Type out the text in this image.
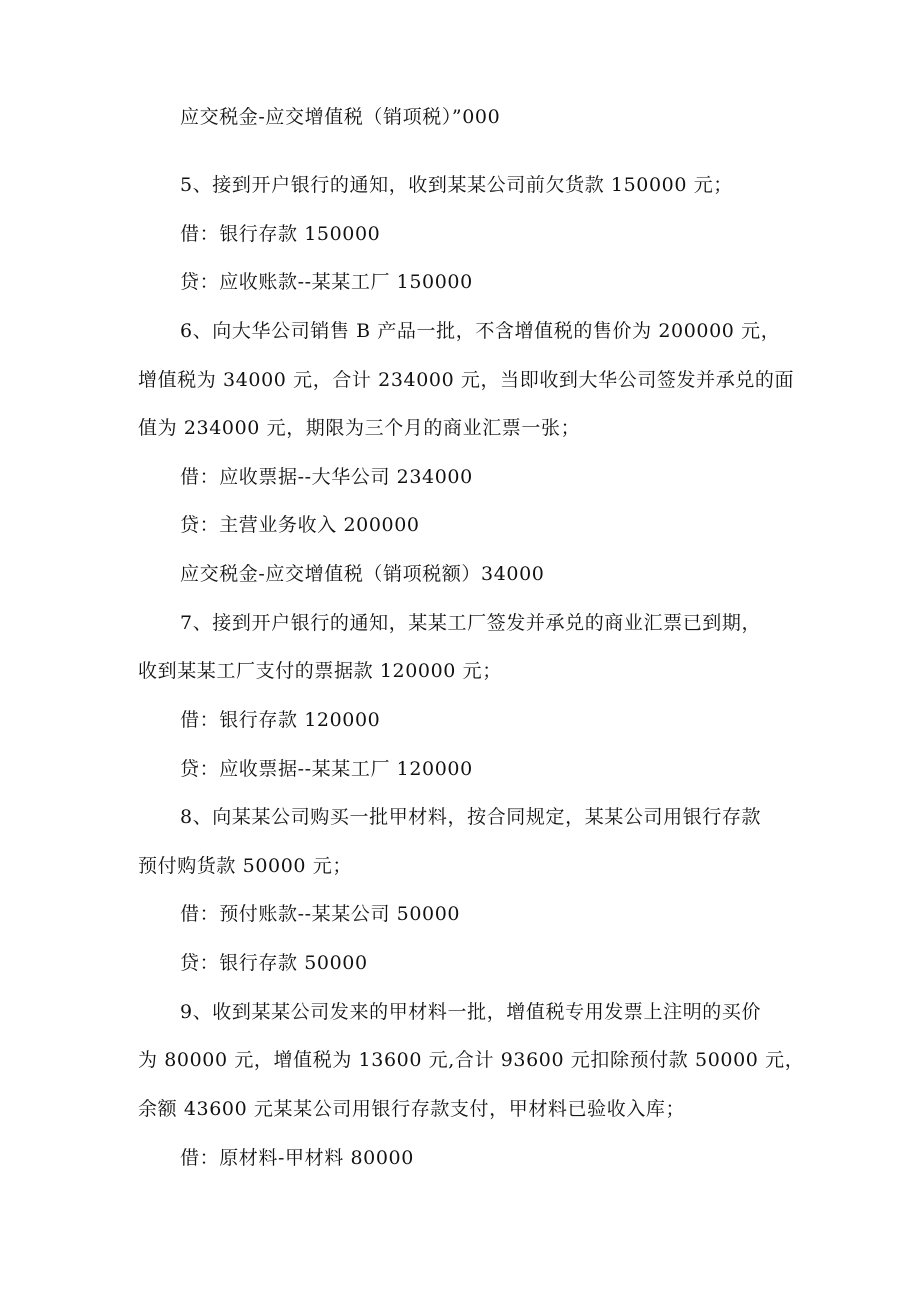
应交税金-应交增值税（销项税）”000

5、接到开户银行的通知，收到某某公司前欠货款 150000 元；

借：银行存款 150000

贷：应收账款--某某工厂 150000

6、向大华公司销售 B 产品一批，不含增值税的售价为 200000 元，

增值税为 34000 元，合计 234000 元，当即收到大华公司签发并承兑的面

值为 234000 元，期限为三个月的商业汇票一张；

借：应收票据--大华公司 234000

贷：主营业务收入 200000

应交税金-应交增值税（销项税额）34000

7、接到开户银行的通知，某某工厂签发并承兑的商业汇票已到期，

收到某某工厂支付的票据款 120000 元；

借：银行存款 120000

贷：应收票据--某某工厂 120000

8、向某某公司购买一批甲材料，按合同规定，某某公司用银行存款

预付购货款 50000 元；

借：预付账款--某某公司 50000

贷：银行存款 50000

9、收到某某公司发来的甲材料一批，增值税专用发票上注明的买价

为 80000 元，增值税为 13600 元,合计 93600 元扣除预付款 50000 元，

余额 43600 元某某公司用银行存款支付，甲材料已验收入库；

借：原材料-甲材料 80000
